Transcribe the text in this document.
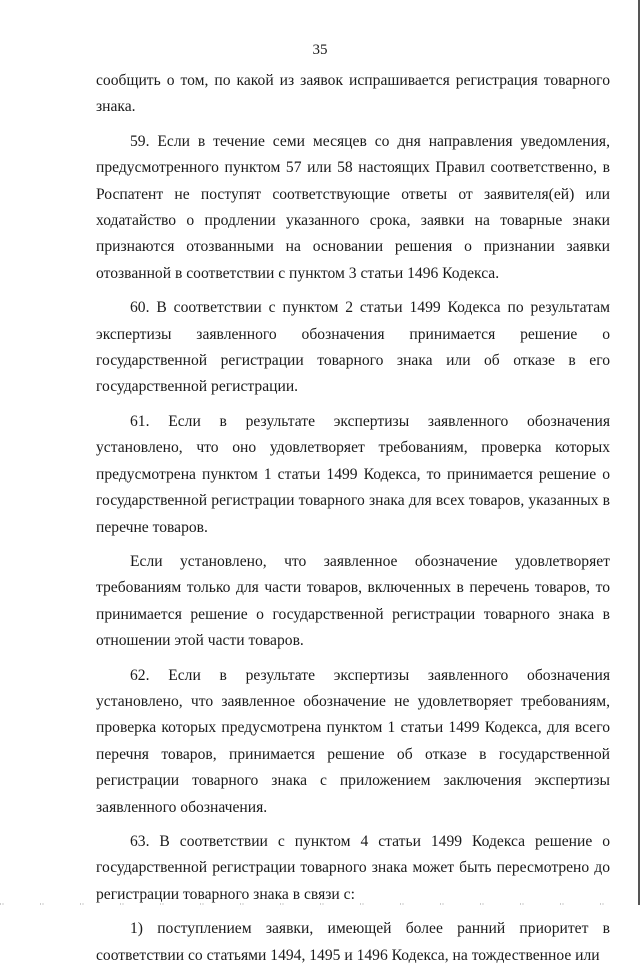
35

сообщить о том, по какой из заявок испрашивается регистрация товарного знака.

59. Если в течение семи месяцев со дня направления уведомления, предусмотренного пунктом 57 или 58 настоящих Правил соответственно, в Роспатент не поступят соответствующие ответы от заявителя(ей) или ходатайство о продлении указанного срока, заявки на товарные знаки признаются отозванными на основании решения о признании заявки отозванной в соответствии с пунктом 3 статьи 1496 Кодекса.

60. В соответствии с пунктом 2 статьи 1499 Кодекса по результатам экспертизы заявленного обозначения принимается решение о государственной регистрации товарного знака или об отказе в его государственной регистрации.

61. Если в результате экспертизы заявленного обозначения установлено, что оно удовлетворяет требованиям, проверка которых предусмотрена пунктом 1 статьи 1499 Кодекса, то принимается решение о государственной регистрации товарного знака для всех товаров, указанных в перечне товаров.

Если установлено, что заявленное обозначение удовлетворяет требованиям только для части товаров, включенных в перечень товаров, то принимается решение о государственной регистрации товарного знака в отношении этой части товаров.

62. Если в результате экспертизы заявленного обозначения установлено, что заявленное обозначение не удовлетворяет требованиям, проверка которых предусмотрена пунктом 1 статьи 1499 Кодекса, для всего перечня товаров, принимается решение об отказе в государственной регистрации товарного знака с приложением заключения экспертизы заявленного обозначения.

63. В соответствии с пунктом 4 статьи 1499 Кодекса решение о государственной регистрации товарного знака может быть пересмотрено до регистрации товарного знака в связи с:

1) поступлением заявки, имеющей более ранний приоритет в соответствии со статьями 1494, 1495 и 1496 Кодекса, на тождественное или
